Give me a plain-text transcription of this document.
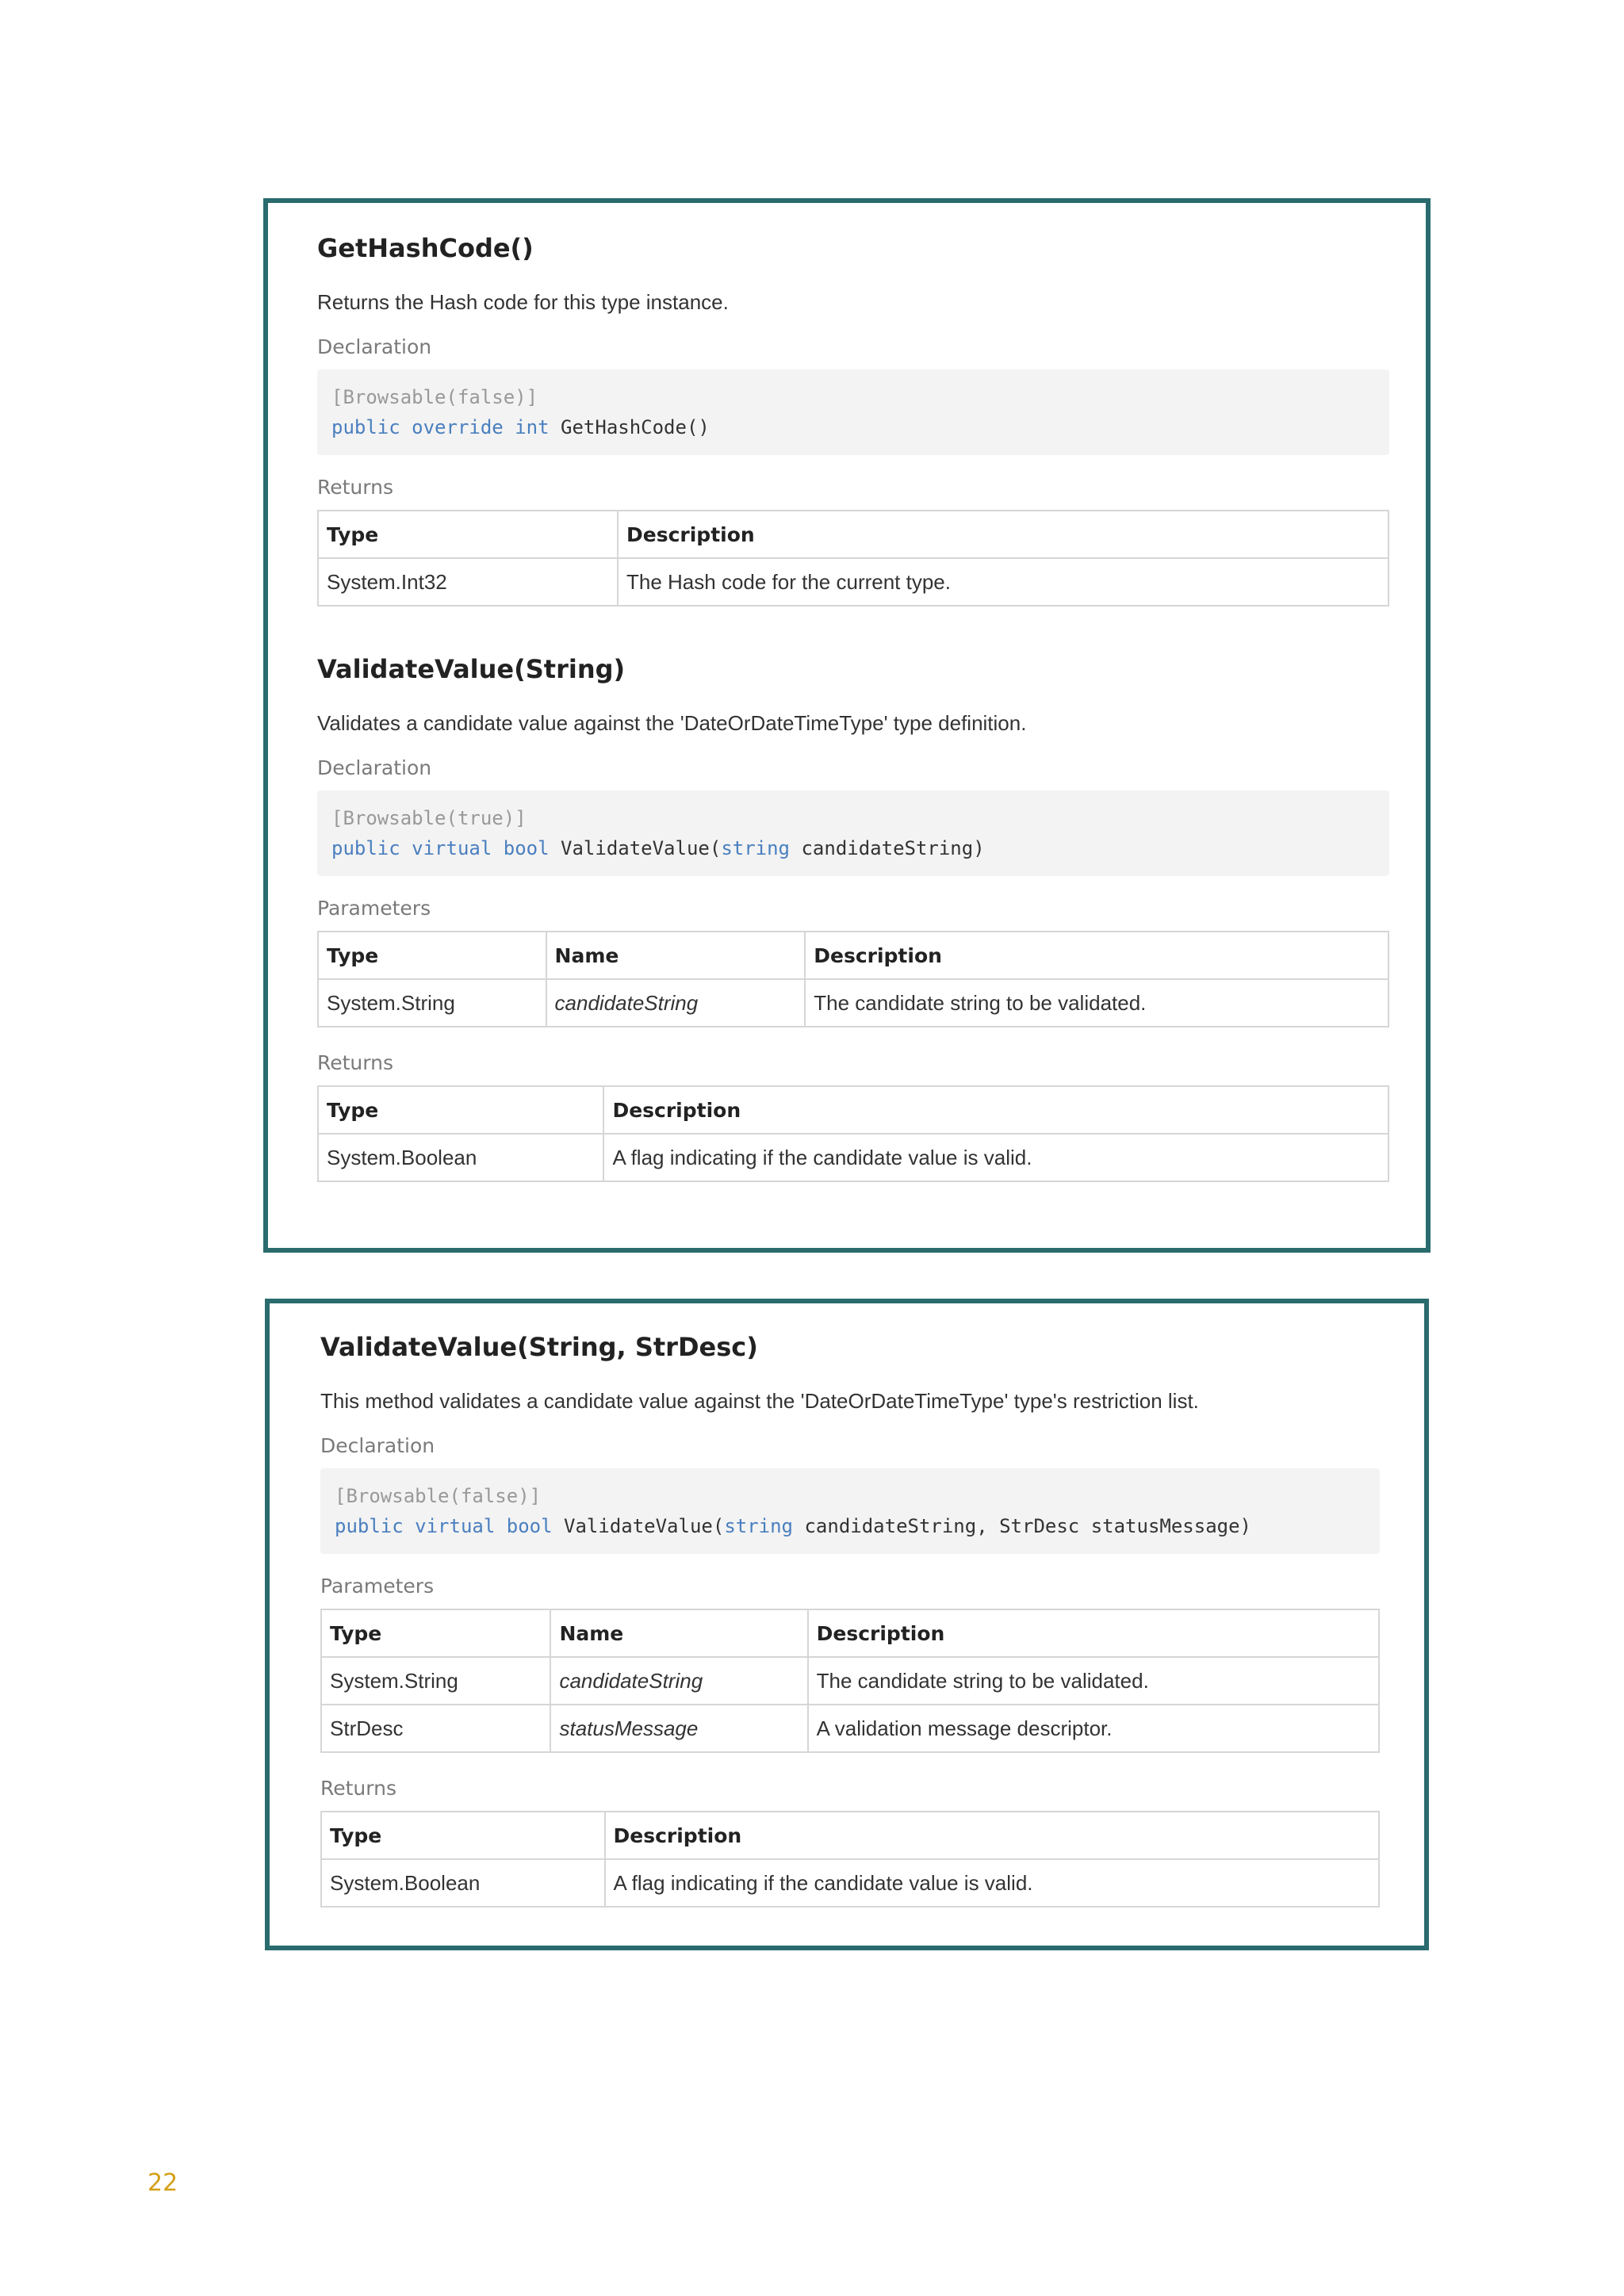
GetHashCode()

Returns the Hash code for this type instance.

Declaration
[Browsable(false)]
public override int GetHashCode()
Returns
Type	Description
System.Int32	The Hash code for the current type.
ValidateValue(String)

Validates a candidate value against the 'DateOrDateTimeType' type definition.

Declaration
[Browsable(true)]
public virtual bool ValidateValue(string candidateString)
Parameters
Type	Name	Description
System.String	candidateString	The candidate string to be validated.
Returns
Type	Description
System.Boolean	A flag indicating if the candidate value is valid.
ValidateValue(String, StrDesc)

This method validates a candidate value against the 'DateOrDateTimeType' type's restriction list.

Declaration
[Browsable(false)]
public virtual bool ValidateValue(string candidateString, StrDesc statusMessage)
Parameters
Type	Name	Description
System.String	candidateString	The candidate string to be validated.
StrDesc	statusMessage	A validation message descriptor.
Returns
Type	Description
System.Boolean	A flag indicating if the candidate value is valid.
22
